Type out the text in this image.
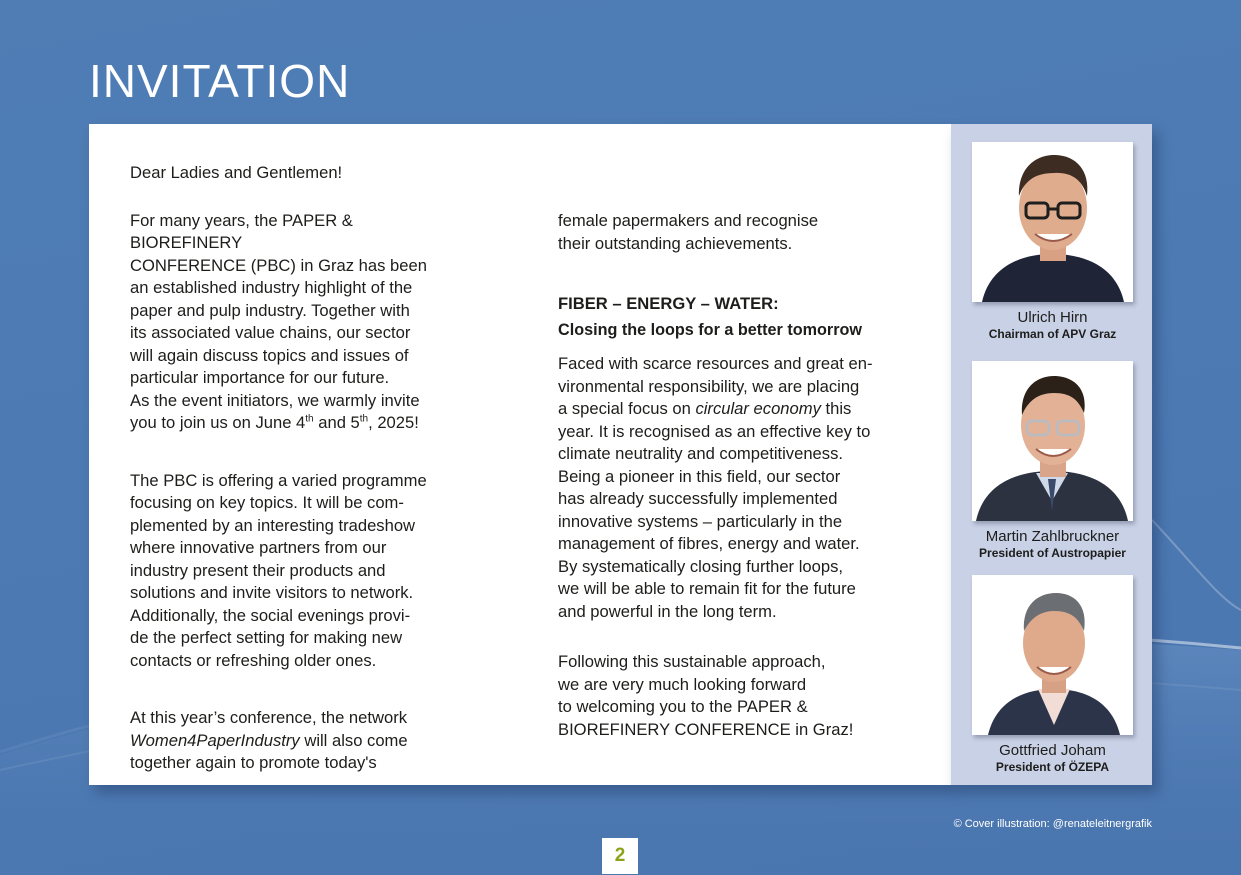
INVITATION

Dear Ladies and Gentlemen!

For many years, the PAPER & BIOREFINERY
CONFERENCE (PBC) in Graz has been
an established industry highlight of the
paper and pulp industry. Together with
its associated value chains, our sector
will again discuss topics and issues of
particular importance for our future.
As the event initiators, we warmly invite
you to join us on June 4th and 5th, 2025!

The PBC is offering a varied programme
focusing on key topics. It will be com-
plemented by an interesting tradeshow
where innovative partners from our
industry present their products and
solutions and invite visitors to network.
Additionally, the social evenings provi-
de the perfect setting for making new
contacts or refreshing older ones.

At this year’s conference, the network
Women4PaperIndustry will also come
together again to promote today's

female papermakers and recognise
their outstanding achievements.

FIBER – ENERGY – WATER:

Closing the loops for a better tomorrow

Faced with scarce resources and great en-
vironmental responsibility, we are placing
a special focus on circular economy this
year. It is recognised as an effective key to
climate neutrality and competitiveness.
Being a pioneer in this field, our sector
has already successfully implemented
innovative systems – particularly in the
management of fibres, energy and water.
By systematically closing further loops,
we will be able to remain fit for the future
and powerful in the long term.

Following this sustainable approach,
we are very much looking forward
to welcoming you to the PAPER &
BIOREFINERY CONFERENCE in Graz!

Ulrich Hirn
Chairman of APV Graz
Martin Zahlbruckner
President of Austropapier
Gottfried Joham
President of ÖZEPA
© Cover illustration: @renateleitnergrafik
2
